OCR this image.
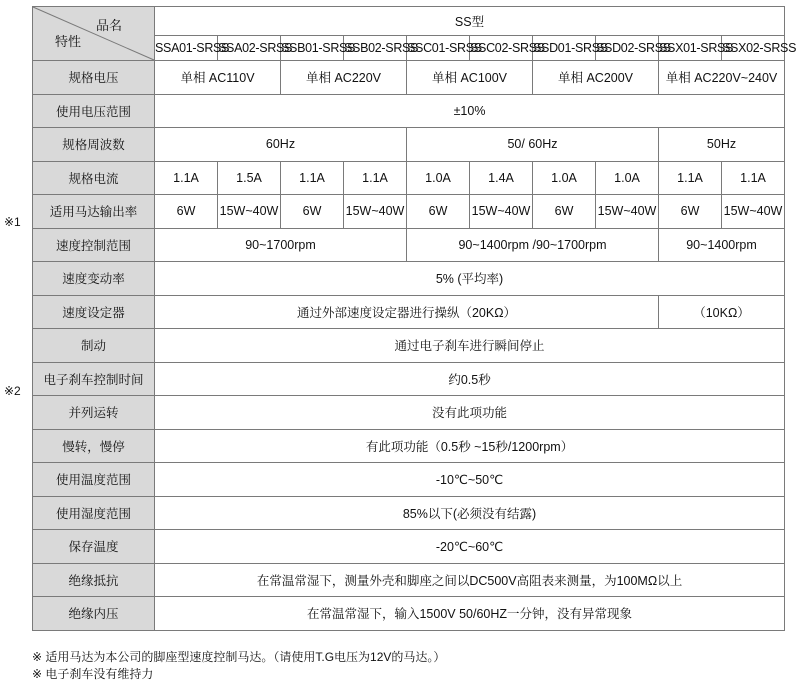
※1
※2
品名
特性	SS型									
	SSA01-SRSS	SSA02-SRSS	SSB01-SRSS	SSB02-SRSS	SSC01-SRSS	SSC02-SRSS	SSD01-SRSS	SSD02-SRSS	SSX01-SRSS	SSX02-SRSS
规格电压	单相 AC110V		单相 AC220V		单相 AC100V		单相 AC200V		单相 AC220V~240V	
使用电压范围	±10%									
规格周波数	60Hz				50/ 60Hz				50Hz	
规格电流	1.1A	1.5A	1.1A	1.1A	1.0A	1.4A	1.0A	1.0A	1.1A	1.1A
适用马达输出率	6W	15W~40W	6W	15W~40W	6W	15W~40W	6W	15W~40W	6W	15W~40W
速度控制范围	90~1700rpm				90~1400rpm /90~1700rpm				90~1400rpm	
速度变动率	5% (平均率)									
速度设定器	通过外部速度设定器进行操纵（20KΩ）								（10KΩ）	
制动	通过电子刹车进行瞬间停止									
电子刹车控制时间	约0.5秒									
并列运转	没有此项功能									
慢转，慢停	有此项功能（0.5秒 ~15秒/1200rpm）									
使用温度范围	-10℃~50℃									
使用湿度范围	85%以下(必须没有结露)									
保存温度	-20℃~60℃									
绝缘抵抗	在常温常湿下，测量外壳和脚座之间以DC500V高阻表来测量，为100MΩ以上									
绝缘内压	在常温常湿下，输入1500V 50/60HZ一分钟，没有异常现象									
※ 适用马达为本公司的脚座型速度控制马达。（请使用T.G电压为12V的马达。）
※ 电子刹车没有维持力
